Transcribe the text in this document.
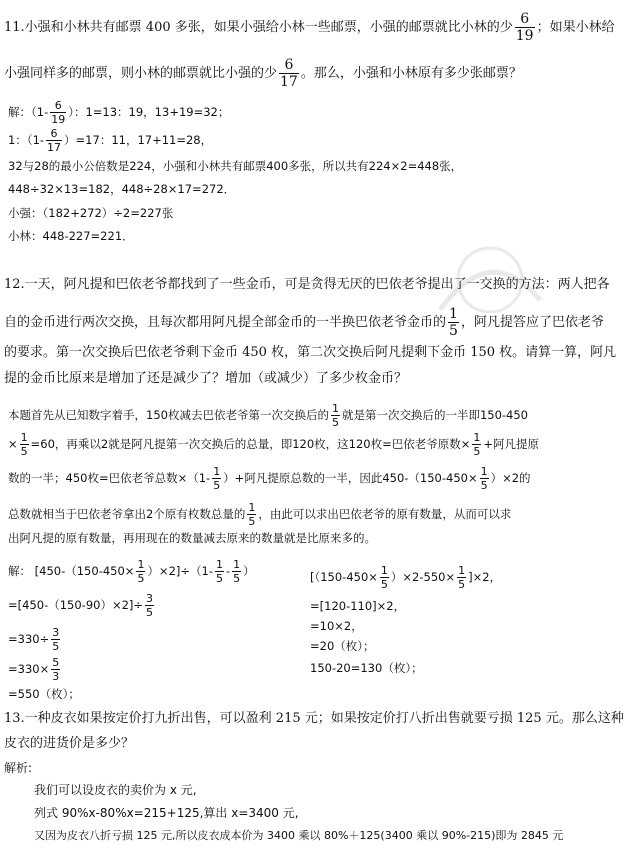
11.小强和小林共有邮票 400 多张，如果小强给小林一些邮票，小强的邮票就比小林的少 $\frac{6}{19}$ ；如果小林给
小强同样多的邮票，则小林的邮票就比小强的少 $\frac{6}{17}$ 。那么，小强和小林原有多少张邮票？
解：（$1- \frac{6}{19}$ ）：1=13：19，13+19=32；
1：$(1- \frac{6}{17} )=17$：11，17+11=28，
32与28的最小公倍数是224，小强和小林共有邮票400多张，所以共有224×2=448张，
448÷32×13=182，448÷28×17=272．
小强：（182+272）÷2=227张
小林：448-227=221．
12.一天，阿凡提和巴依老爷都找到了一些金币，可是贪得无厌的巴依老爷提出了一交换的方法：两人把各
自的金币进行两次交换，且每次都用阿凡提全部金币的一半换巴依老爷金币的 $\frac{1}{5}$ ，阿凡提答应了巴依老爷
的要求。第一次交换后巴依老爷剩下金币 450 枚，第二次交换后阿凡提剩下金币 150 枚。请算一算，阿凡
提的金币比原来是增加了还是减少了？增加（或减少）了多少枚金币？
本题首先从已知数字着手，150枚减去巴依老爷第一次交换后的 $\frac{1}{5}$ 就是第一次交换后的一半即150-450
× $\frac{1}{5} =60$，再乘以2就是阿凡提第一次交换后的总量，即120枚，这120枚=巴依老爷原数× $\frac{1}{5}$ +阿凡提原
数的一半；450枚=巴依老爷总数$\times(1- \frac{1}{5}$ ）+阿凡提原总数的一半，因此$450-(150-450\times \frac{1}{5} )\times 2$的
总数就相当于巴依老爷拿出2个原有枚数总量的 $\frac{1}{5}$ ，由此可以求出巴依老爷的原有数量，从而可以求
出阿凡提的原有数量，再用现在的数量减去原来的数量就是比原来多的。
解： $[450-(150-450\times \frac{1}{5} )\times 2]\div(1- \frac{1}{5} - \frac{1}{5}$ ）
$=[450-(150-90)\times 2]\div \frac{3}{5}$
$=330\div \frac{3}{5}$
$=330\times \frac{5}{3}$
=550（枚）；
$[(150-450\times \frac{1}{5} )\times 2-550\times \frac{1}{5} ]\times 2$，
=[120-110]×2，
=10×2，
=20（枚）；
150-20=130（枚）；
13.一种皮衣如果按定价打九折出售，可以盈利 215 元；如果按定价打八折出售就要亏损 125 元。那么这种
皮衣的进货价是多少？
解析:
我们可以设皮衣的卖价为 x 元,
列式 90%x-80%x=215+125,算出 x=3400 元,
又因为皮衣八折亏损 125 元,所以皮衣成本价为 3400 乘以 80%＋125(3400 乘以 90%-215)即为 2845 元
